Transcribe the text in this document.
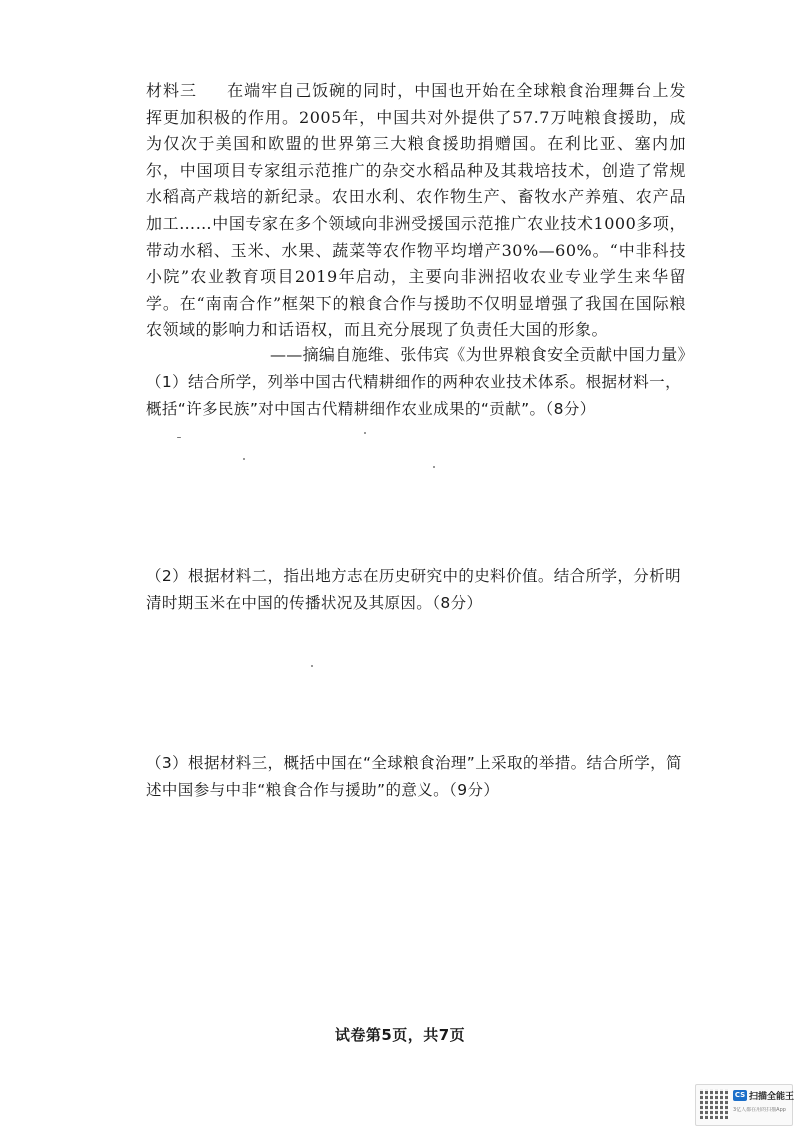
材料三 在端牢自己饭碗的同时，中国也开始在全球粮食治理舞台上发挥更加积极的作用。2005年，中国共对外提供了57.7万吨粮食援助，成为仅次于美国和欧盟的世界第三大粮食援助捐赠国。在利比亚、塞内加尔，中国项目专家组示范推广的杂交水稻品种及其栽培技术，创造了常规水稻高产栽培的新纪录。农田水利、农作物生产、畜牧水产养殖、农产品加工……中国专家在多个领域向非洲受援国示范推广农业技术1000多项，带动水稻、玉米、水果、蔬菜等农作物平均增产30%—60%。“中非科技小院”农业教育项目2019年启动，主要向非洲招收农业专业学生来华留学。在“南南合作”框架下的粮食合作与援助不仅明显增强了我国在国际粮农领域的影响力和话语权，而且充分展现了负责任大国的形象。
——摘编自施维、张伟宾《为世界粮食安全贡献中国力量》
（1）结合所学，列举中国古代精耕细作的两种农业技术体系。根据材料一，概括“许多民族”对中国古代精耕细作农业成果的“贡献”。（8分）
（2）根据材料二，指出地方志在历史研究中的史料价值。结合所学，分析明清时期玉米在中国的传播状况及其原因。（8分）
（3）根据材料三，概括中国在“全球粮食治理”上采取的举措。结合所学，简述中国参与中非“粮食合作与援助”的意义。（9分）
试卷第5页，共7页
CS 扫描全能王
3亿人都在用的扫描App
